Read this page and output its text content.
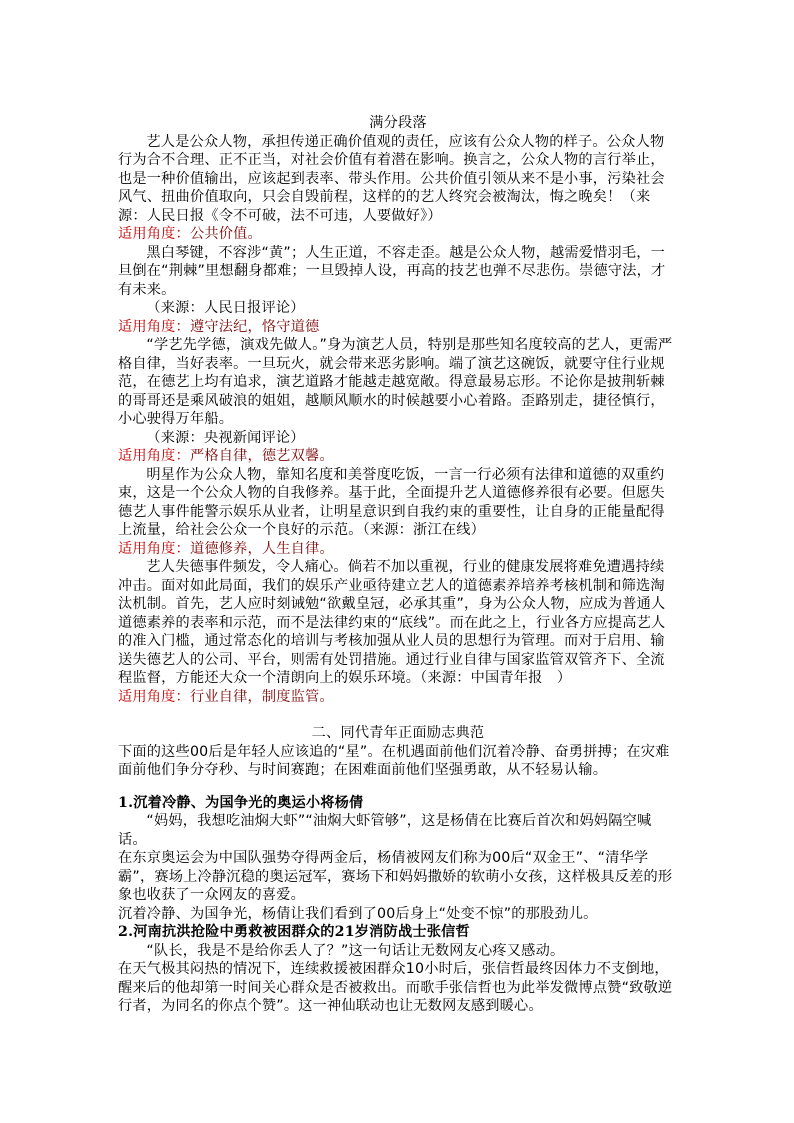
满分段落

艺人是公众人物，承担传递正确价值观的责任，应该有公众人物的样子。公众人物行为合不合理、正不正当，对社会价值有着潜在影响。换言之，公众人物的言行举止，也是一种价值输出，应该起到表率、带头作用。公共价值引领从来不是小事，污染社会风气、扭曲价值取向，只会自毁前程，这样的的艺人终究会被淘汰，悔之晚矣！（来源：人民日报《令不可破，法不可违，人要做好》）

适用角度：公共价值。

黑白琴键，不容涉“黄”；人生正道，不容走歪。越是公众人物，越需爱惜羽毛，一旦倒在“荆棘”里想翻身都难；一旦毁掉人设，再高的技艺也弹不尽悲伤。崇德守法，才有未来。

（来源：人民日报评论）

适用角度：遵守法纪，恪守道德

“学艺先学德，演戏先做人。”身为演艺人员，特别是那些知名度较高的艺人，更需严格自律，当好表率。一旦玩火，就会带来恶劣影响。端了演艺这碗饭，就要守住行业规范，在德艺上均有追求，演艺道路才能越走越宽敞。得意最易忘形。不论你是披荆斩棘的哥哥还是乘风破浪的姐姐，越顺风顺水的时候越要小心着路。歪路别走，捷径慎行，小心驶得万年船。

（来源：央视新闻评论）

适用角度：严格自律，德艺双馨。

明星作为公众人物，靠知名度和美誉度吃饭，一言一行必须有法律和道德的双重约束，这是一个公众人物的自我修养。基于此，全面提升艺人道德修养很有必要。但愿失德艺人事件能警示娱乐从业者，让明星意识到自我约束的重要性，让自身的正能量配得上流量，给社会公众一个良好的示范。（来源：浙江在线）

适用角度：道德修养，人生自律。

艺人失德事件频发，令人痛心。倘若不加以重视，行业的健康发展将难免遭遇持续冲击。面对如此局面，我们的娱乐产业亟待建立艺人的道德素养培养考核机制和筛选淘汰机制。首先，艺人应时刻诫勉“欲戴皇冠，必承其重”，身为公众人物，应成为普通人道德素养的表率和示范，而不是法律约束的“底线”。而在此之上，行业各方应提高艺人的准入门槛，通过常态化的培训与考核加强从业人员的思想行为管理。而对于启用、输送失德艺人的公司、平台，则需有处罚措施。通过行业自律与国家监管双管齐下、全流程监督，方能还大众一个清朗向上的娱乐环境。（来源：中国青年报　）

适用角度：行业自律，制度监管。

二、同代青年正面励志典范

下面的这些00后是年轻人应该追的“星”。在机遇面前他们沉着冷静、奋勇拼搏；在灾难面前他们争分夺秒、与时间赛跑；在困难面前他们坚强勇敢，从不轻易认输。

1.沉着冷静、为国争光的奥运小将杨倩

“妈妈，我想吃油焖大虾”“油焖大虾管够”，这是杨倩在比赛后首次和妈妈隔空喊话。

在东京奥运会为中国队强势夺得两金后，杨倩被网友们称为00后“双金王”、“清华学霸”，赛场上冷静沉稳的奥运冠军，赛场下和妈妈撒娇的软萌小女孩，这样极具反差的形象也收获了一众网友的喜爱。

沉着冷静、为国争光，杨倩让我们看到了00后身上“处变不惊”的那股劲儿。

2.河南抗洪抢险中勇救被困群众的21岁消防战士张信哲

“队长，我是不是给你丢人了？”这一句话让无数网友心疼又感动。

在天气极其闷热的情况下，连续救援被困群众10小时后，张信哲最终因体力不支倒地，醒来后的他却第一时间关心群众是否被救出。而歌手张信哲也为此举发微博点赞“致敬逆行者，为同名的你点个赞”。这一神仙联动也让无数网友感到暖心。
